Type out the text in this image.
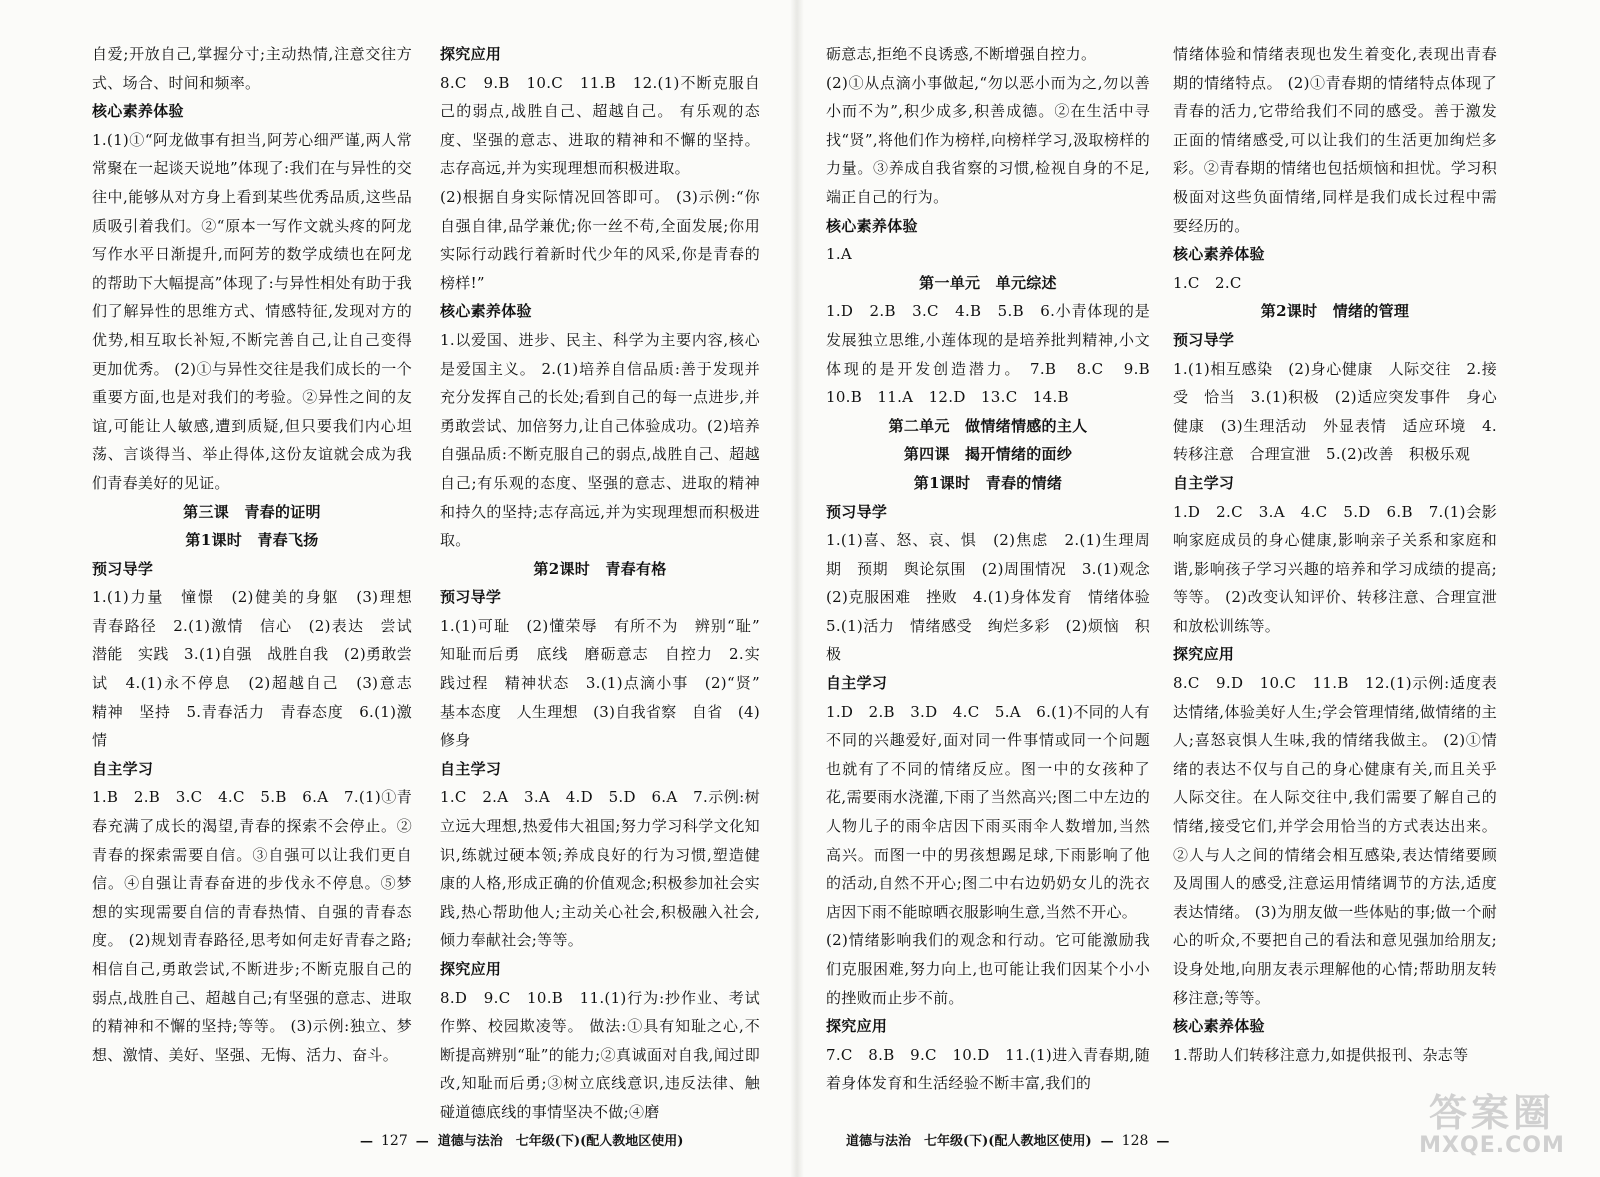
自爱;开放自己,掌握分寸;主动热情,注意交往方式、场合、时间和频率。

核心素养体验

1.(1)①“阿龙做事有担当,阿芳心细严谨,两人常常聚在一起谈天说地”体现了:我们在与异性的交往中,能够从对方身上看到某些优秀品质,这些品质吸引着我们。②“原本一写作文就头疼的阿龙写作水平日渐提升,而阿芳的数学成绩也在阿龙的帮助下大幅提高”体现了:与异性相处有助于我们了解异性的思维方式、情感特征,发现对方的优势,相互取长补短,不断完善自己,让自己变得更加优秀。 (2)①与异性交往是我们成长的一个重要方面,也是对我们的考验。②异性之间的友谊,可能让人敏感,遭到质疑,但只要我们内心坦荡、言谈得当、举止得体,这份友谊就会成为我们青春美好的见证。

第三课　青春的证明

第1课时　青春飞扬

预习导学

1.(1)力量　憧憬　(2)健美的身躯　(3)理想　青春路径　2.(1)激情　信心　(2)表达　尝试　潜能　实践　3.(1)自强　战胜自我　(2)勇敢尝试　4.(1)永不停息　(2)超越自己　(3)意志　精神　坚持　5.青春活力　青春态度　6.(1)激情

自主学习

1.B　2.B　3.C　4.C　5.B　6.A　7.(1)①青春充满了成长的渴望,青春的探索不会停止。②青春的探索需要自信。③自强可以让我们更自信。④自强让青春奋进的步伐永不停息。⑤梦想的实现需要自信的青春热情、自强的青春态度。 (2)规划青春路径,思考如何走好青春之路;相信自己,勇敢尝试,不断进步;不断克服自己的弱点,战胜自己、超越自己;有坚强的意志、进取的精神和不懈的坚持;等等。 (3)示例:独立、梦想、激情、美好、坚强、无悔、活力、奋斗。

探究应用

8.C　9.B　10.C　11.B　12.(1)不断克服自己的弱点,战胜自己、超越自己。 有乐观的态度、坚强的意志、进取的精神和不懈的坚持。 志存高远,并为实现理想而积极进取。

(2)根据自身实际情况回答即可。 (3)示例:“你自强自律,品学兼优;你一丝不苟,全面发展;你用实际行动践行着新时代少年的风采,你是青春的榜样!”

核心素养体验

1.以爱国、进步、民主、科学为主要内容,核心是爱国主义。 2.(1)培养自信品质:善于发现并充分发挥自己的长处;看到自己的每一点进步,并勇敢尝试、加倍努力,让自己体验成功。(2)培养自强品质:不断克服自己的弱点,战胜自己、超越自己;有乐观的态度、坚强的意志、进取的精神和持久的坚持;志存高远,并为实现理想而积极进取。

第2课时　青春有格

预习导学

1.(1)可耻　(2)懂荣辱　有所不为　辨别“耻”　知耻而后勇　底线　磨砺意志　自控力　2.实践过程　精神状态　3.(1)点滴小事　(2)“贤”　基本态度　人生理想　(3)自我省察　自省　(4)修身

自主学习

1.C　2.A　3.A　4.D　5.D　6.A　7.示例:树立远大理想,热爱伟大祖国;努力学习科学文化知识,练就过硬本领;养成良好的行为习惯,塑造健康的人格,形成正确的价值观念;积极参加社会实践,热心帮助他人;主动关心社会,积极融入社会,倾力奉献社会;等等。

探究应用

8.D　9.C　10.B　11.(1)行为:抄作业、考试作弊、校园欺凌等。 做法:①具有知耻之心,不断提高辨别“耻”的能力;②真诚面对自我,闻过即改,知耻而后勇;③树立底线意识,违反法律、触碰道德底线的事情坚决不做;④磨

砺意志,拒绝不良诱惑,不断增强自控力。

(2)①从点滴小事做起,“勿以恶小而为之,勿以善小而不为”,积少成多,积善成德。②在生活中寻找“贤”,将他们作为榜样,向榜样学习,汲取榜样的力量。③养成自我省察的习惯,检视自身的不足,端正自己的行为。

核心素养体验

1.A

第一单元　单元综述

1.D　2.B　3.C　4.B　5.B　6.小青体现的是发展独立思维,小莲体现的是培养批判精神,小文体现的是开发创造潜力。 7.B　8.C　9.B　10.B　11.A　12.D　13.C　14.B

第二单元　做情绪情感的主人

第四课　揭开情绪的面纱

第1课时　青春的情绪

预习导学

1.(1)喜、怒、哀、惧　(2)焦虑　2.(1)生理周期　预期　舆论氛围　(2)周围情况　3.(1)观念　(2)克服困难　挫败　4.(1)身体发育　情绪体验　5.(1)活力　情绪感受　绚烂多彩　(2)烦恼　积极

自主学习

1.D　2.B　3.D　4.C　5.A　6.(1)不同的人有不同的兴趣爱好,面对同一件事情或同一个问题也就有了不同的情绪反应。图一中的女孩种了花,需要雨水浇灌,下雨了当然高兴;图二中左边的人物儿子的雨伞店因下雨买雨伞人数增加,当然高兴。而图一中的男孩想踢足球,下雨影响了他的活动,自然不开心;图二中右边奶奶女儿的洗衣店因下雨不能晾晒衣服影响生意,当然不开心。

(2)情绪影响我们的观念和行动。它可能激励我们克服困难,努力向上,也可能让我们因某个小小的挫败而止步不前。

探究应用

7.C　8.B　9.C　10.D　11.(1)进入青春期,随着身体发育和生活经验不断丰富,我们的

情绪体验和情绪表现也发生着变化,表现出青春期的情绪特点。 (2)①青春期的情绪特点体现了青春的活力,它带给我们不同的感受。善于激发正面的情绪感受,可以让我们的生活更加绚烂多彩。②青春期的情绪也包括烦恼和担忧。学习积极面对这些负面情绪,同样是我们成长过程中需要经历的。

核心素养体验

1.C　2.C

第2课时　情绪的管理

预习导学

1.(1)相互感染　(2)身心健康　人际交往　2.接受　恰当　3.(1)积极　(2)适应突发事件　身心健康　(3)生理活动　外显表情　适应环境　4.转移注意　合理宣泄　5.(2)改善　积极乐观

自主学习

1.D　2.C　3.A　4.C　5.D　6.B　7.(1)会影响家庭成员的身心健康,影响亲子关系和家庭和谐,影响孩子学习兴趣的培养和学习成绩的提高;等等。 (2)改变认知评价、转移注意、合理宣泄和放松训练等。

探究应用

8.C　9.D　10.C　11.B　12.(1)示例:适度表达情绪,体验美好人生;学会管理情绪,做情绪的主人;喜怒哀惧人生味,我的情绪我做主。 (2)①情绪的表达不仅与自己的身心健康有关,而且关乎人际交往。在人际交往中,我们需要了解自己的情绪,接受它们,并学会用恰当的方式表达出来。②人与人之间的情绪会相互感染,表达情绪要顾及周围人的感受,注意运用情绪调节的方法,适度表达情绪。 (3)为朋友做一些体贴的事;做一个耐心的听众,不要把自己的看法和意见强加给朋友;设身处地,向朋友表示理解他的心情;帮助朋友转移注意;等等。

核心素养体验

1.帮助人们转移注意力,如提供报刊、杂志等

— 127 — 道德与法治　七年级(下)(配人教地区使用)	道德与法治　七年级(下)(配人教地区使用) — 128 —
答案圈
MXQE.COM
